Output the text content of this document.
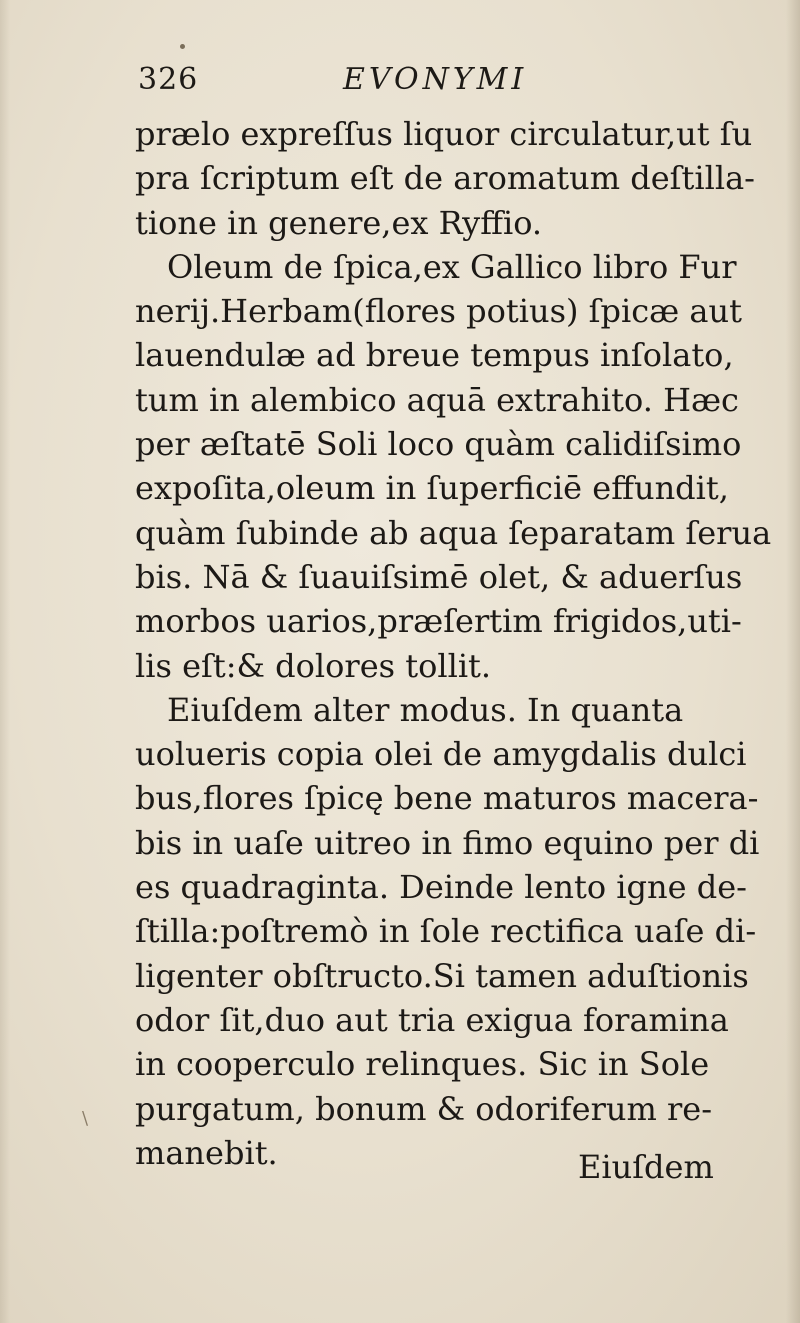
326	EVONYMI
prælo expreſſus liquor circulatur,ut ſu
pra ſcriptum eſt de aromatum deſtilla-
tione in genere,ex Ryffio.
Oleum de ſpica,ex Gallico libro Fur
nerij.Herbam(flores potius) ſpicæ aut
lauendulæ ad breue tempus inſolato,
tum in alembico aquā extrahito. Hæc
per æſtatē Soli loco quàm calidiſsimo
expoſita,oleum in ſuperficiē effundit,
quàm ſubinde ab aqua ſeparatam ſerua
bis. Nā & ſuauiſsimē olet, & aduerſus
morbos uarios,præſertim frigidos,uti-
lis eſt:& dolores tollit.
Eiuſdem alter modus. In quanta
uolueris copia olei de amygdalis dulci
bus,flores ſpicę bene maturos macera-
bis in uaſe uitreo in fimo equino per di
es quadraginta. Deinde lento igne de-
ſtilla:poſtremò in ſole rectifica uaſe di-
ligenter obſtructo.Si tamen aduſtionis
odor ſit,duo aut tria exigua foramina
in cooperculo relinques. Sic in Sole
purgatum, bonum & odoriferum re-
manebit.
\
Eiuſdem
